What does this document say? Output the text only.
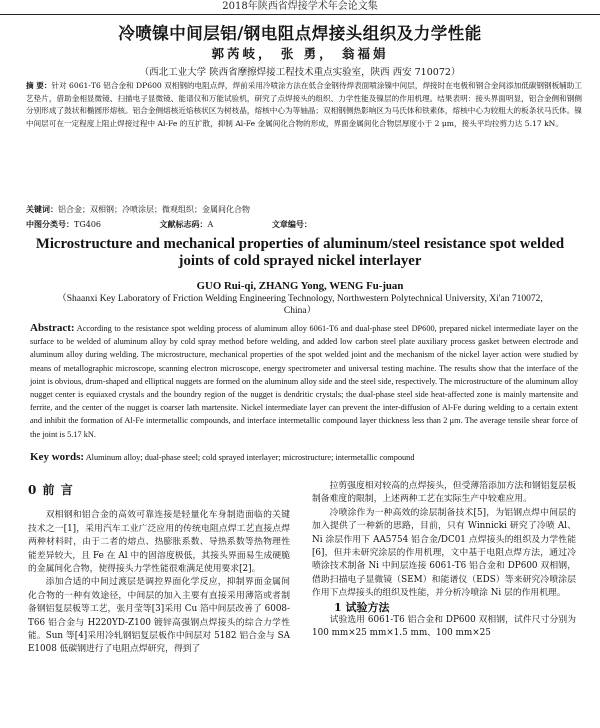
2018年陕西省焊接学术年会论文集
冷喷镍中间层铝/钢电阻点焊接头组织及力学性能
郭芮岐， 张 勇， 翁福娟
（西北工业大学 陕西省摩擦焊接工程技术重点实验室，陕西 西安 710072）
摘 要：针对 6061-T6 铝合金和 DP600 双相钢的电阻点焊，焊前采用冷喷涂方法在低合金钢待焊表面喷涂镍中间层，焊接时在电极和钢合金间添加低碳钢钢板辅助工艺垫片，借助金相显微镜、扫描电子显微镜、能谱仪和万能试验机，研究了点焊接头的组织、力学性能及镍层的作用机理。结果表明：接头界面明显，铝合金侧和钢侧分别形成了鼓状和椭圆形熔核。铝合金侧熔核近焰核状区为树枝晶，熔核中心为等轴晶；双相钢侧热影响区为马氏体和铁素体，熔核中心为较粗大的板条状马氏体。镍中间层可在一定程度上阻止焊接过程中 Al-Fe 的互扩散，抑制 Al-Fe 金属间化合物的形成，界面金属间化合物层厚度小于 2 μm，接头平均拉剪力达 5.17 kN。
关键词：铝合金；双相钢；冷喷涂层；微观组织；金属间化合物
中图分类号：TG406	文献标志码：A	文章编号：
Microstructure and mechanical properties of aluminum/steel resistance spot welded joints of cold sprayed nickel interlayer
GUO Rui-qi, ZHANG Yong, WENG Fu-juan
（Shaanxi Key Laboratory of Friction Welding Engineering Technology, Northwestern Polytechnical University, Xi'an 710072, China）
Abstract: According to the resistance spot welding process of aluminum alloy 6061-T6 and dual-phase steel DP600, prepared nickel intermediate layer on the surface to be welded of aluminum alloy by cold spray method before welding, and added low carbon steel plate auxiliary process gasket between electrode and aluminum alloy during welding. The microstructure, mechanical properties of the spot welded joint and the mechanism of the nickel layer action were studied by means of metallographic microscope, scanning electron microscope, energy spectrometer and universal testing machine. The results show that the interface of the joint is obvious, drum-shaped and elliptical nuggets are formed on the aluminum alloy side and the steel side, respectively. The microstructure of the aluminum alloy nugget center is equiaxed crystals and the boundry region of the nugget is dendritic crystals; the dual-phase steel side heat-affected zone is mainly martensite and ferrite, and the center of the nugget is coarser lath martensite. Nickel intermediate layer can prevent the inter-diffusion of Al-Fe during welding to a certain extent and inhibit the formation of Al-Fe intermetallic compounds, and interface intermetallic compound layer thickness less than 2 μm. The average tensile shear force of the joint is 5.17 kN.
Key words: Aluminum alloy; dual-phase steel; cold sprayed interlayer; microstructure; intermetallic compound

0 前 言

双相钢和铝合金的高效可靠连接是轻量化车身制造面临的关键技术之一[1]，采用汽车工业广泛应用的传统电阻点焊工艺直接点焊两种材料时，由于二者的熔点、热膨胀系数、导热系数等热物理性能差异较大，且 Fe 在 Al 中的固溶度极低，其接头界面易生成硬脆的金属间化合物，使得接头力学性能很难满足使用要求[2]。

添加合适的中间过渡层是调控界面化学反应，抑制界面金属间化合物的一种有效途径，中间层的加入主要有直接采用薄箔或者制备钢铝复层板等工艺，张月莹等[3]采用 Cu 箔中间层改善了 6008-T66 铝合金与 H220YD-Z100 镀锌高强钢点焊接头的综合力学性能。Sun 等[4]采用冷轧钢铝复层板作中间层对 5182 铝合金与 SAE1008 低碳钢进行了电阻点焊研究，得到了

拉剪强度相对较高的点焊接头，但受薄箔添加方法和钢铝复层板制备难度的限制，上述两种工艺在实际生产中较难应用。

冷喷涂作为一种高效的涂层制备技术[5]，为铝钢点焊中间层的加入提供了一种新的思路，目前，只有 Winnicki 研究了冷喷 Al、Ni 涂层作用下 AA5754 铝合金/DC01 点焊接头的组织及力学性能[6]，但并未研究涂层的作用机理，文中基于电阻点焊方法，通过冷喷涂技术制备 Ni 中间层连接 6061-T6 铝合金和 DP600 双相钢，借助扫描电子显微镜（SEM）和能谱仪（EDS）等来研究冷喷涂层作用下点焊接头的组织及性能，并分析冷喷涂 Ni 层的作用机理。

1 试验方法

试验选用 6061-T6 铝合金和 DP600 双相钢，试件尺寸分别为 100 mm×25 mm×1.5 mm、100 mm×25
